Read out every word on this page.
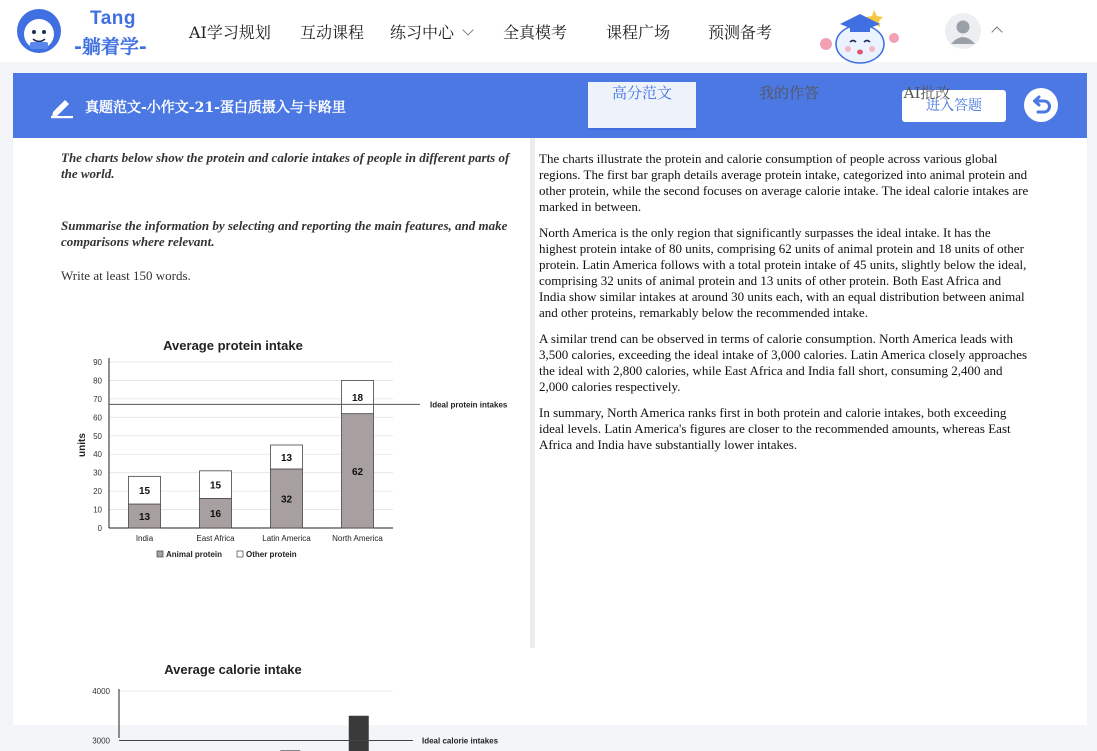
Tang
-躺着学-
AI学习规划 互动课程 练习中心	全真模考 课程广场 预测备考
真题范文-小作文-21-蛋白质摄入与卡路里	进入答题

The charts below show the protein and calorie intakes of people in different parts of the world.

Summarise the information by selecting and reporting the main features, and make comparisons where relevant.

Write at least 150 words.

Average protein intake
0
10
20
30
40
50
60
70
80
90
units
13
15
India
16
15
East Africa
32
13
Latin America
62
18
North America
Ideal protein intakes
Animal protein	Other protein
Average calorie intake
3000
4000
Ideal calorie intakes
高分范文	我的作答	AI批改

The charts illustrate the protein and calorie consumption of people across various global regions. The first bar graph details average protein intake, categorized into animal protein and other protein, while the second focuses on average calorie intake. The ideal calorie intakes are marked in between.

North America is the only region that significantly surpasses the ideal intake. It has the highest protein intake of 80 units, comprising 62 units of animal protein and 18 units of other protein. Latin America follows with a total protein intake of 45 units, slightly below the ideal, comprising 32 units of animal protein and 13 units of other protein. Both East Africa and India show similar intakes at around 30 units each, with an equal distribution between animal and other proteins, remarkably below the recommended intake.

A similar trend can be observed in terms of calorie consumption. North America leads with 3,500 calories, exceeding the ideal intake of 3,000 calories. Latin America closely approaches the ideal with 2,800 calories, while East Africa and India fall short, consuming 2,400 and 2,000 calories respectively.

In summary, North America ranks first in both protein and calorie intakes, both exceeding ideal levels. Latin America's figures are closer to the recommended amounts, whereas East Africa and India have substantially lower intakes.
